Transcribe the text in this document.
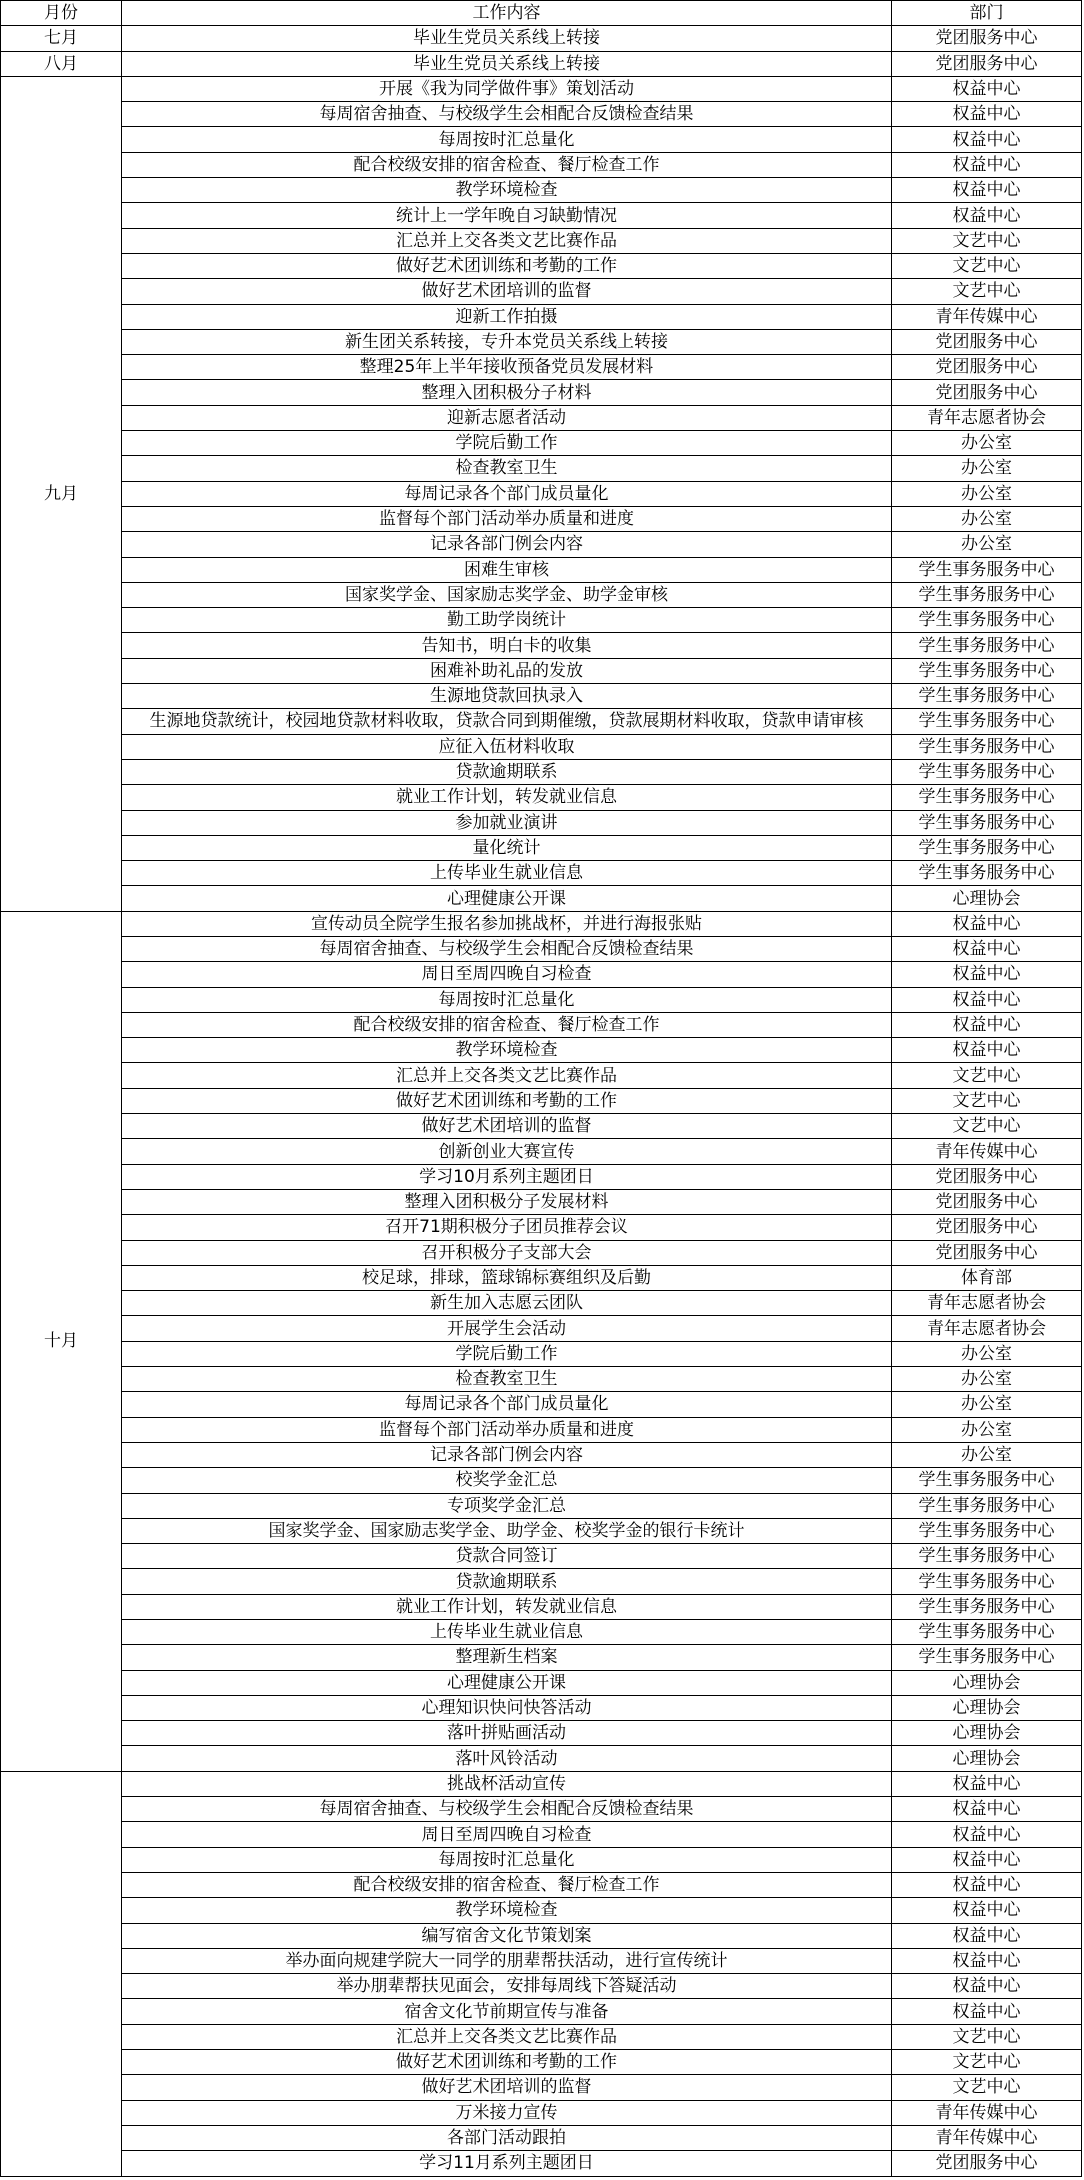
月份	工作内容	部门
七月	毕业生党员关系线上转接	党团服务中心
八月	毕业生党员关系线上转接	党团服务中心
九月	开展《我为同学做件事》策划活动	权益中心
	每周宿舍抽查、与校级学生会相配合反馈检查结果	权益中心
	每周按时汇总量化	权益中心
	配合校级安排的宿舍检查、餐厅检查工作	权益中心
	教学环境检查	权益中心
	统计上一学年晚自习缺勤情况	权益中心
	汇总并上交各类文艺比赛作品	文艺中心
	做好艺术团训练和考勤的工作	文艺中心
	做好艺术团培训的监督	文艺中心
	迎新工作拍摄	青年传媒中心
	新生团关系转接，专升本党员关系线上转接	党团服务中心
	整理25年上半年接收预备党员发展材料	党团服务中心
	整理入团积极分子材料	党团服务中心
	迎新志愿者活动	青年志愿者协会
	学院后勤工作	办公室
	检查教室卫生	办公室
	每周记录各个部门成员量化	办公室
	监督每个部门活动举办质量和进度	办公室
	记录各部门例会内容	办公室
	困难生审核	学生事务服务中心
	国家奖学金、国家励志奖学金、助学金审核	学生事务服务中心
	勤工助学岗统计	学生事务服务中心
	告知书，明白卡的收集	学生事务服务中心
	困难补助礼品的发放	学生事务服务中心
	生源地贷款回执录入	学生事务服务中心
	生源地贷款统计，校园地贷款材料收取，贷款合同到期催缴，贷款展期材料收取，贷款申请审核	学生事务服务中心
	应征入伍材料收取	学生事务服务中心
	贷款逾期联系	学生事务服务中心
	就业工作计划，转发就业信息	学生事务服务中心
	参加就业演讲	学生事务服务中心
	量化统计	学生事务服务中心
	上传毕业生就业信息	学生事务服务中心
	心理健康公开课	心理协会
十月	宣传动员全院学生报名参加挑战杯，并进行海报张贴	权益中心
	每周宿舍抽查、与校级学生会相配合反馈检查结果	权益中心
	周日至周四晚自习检查	权益中心
	每周按时汇总量化	权益中心
	配合校级安排的宿舍检查、餐厅检查工作	权益中心
	教学环境检查	权益中心
	汇总并上交各类文艺比赛作品	文艺中心
	做好艺术团训练和考勤的工作	文艺中心
	做好艺术团培训的监督	文艺中心
	创新创业大赛宣传	青年传媒中心
	学习10月系列主题团日	党团服务中心
	整理入团积极分子发展材料	党团服务中心
	召开71期积极分子团员推荐会议	党团服务中心
	召开积极分子支部大会	党团服务中心
	校足球，排球，篮球锦标赛组织及后勤	体育部
	新生加入志愿云团队	青年志愿者协会
	开展学生会活动	青年志愿者协会
	学院后勤工作	办公室
	检查教室卫生	办公室
	每周记录各个部门成员量化	办公室
	监督每个部门活动举办质量和进度	办公室
	记录各部门例会内容	办公室
	校奖学金汇总	学生事务服务中心
	专项奖学金汇总	学生事务服务中心
	国家奖学金、国家励志奖学金、助学金、校奖学金的银行卡统计	学生事务服务中心
	贷款合同签订	学生事务服务中心
	贷款逾期联系	学生事务服务中心
	就业工作计划，转发就业信息	学生事务服务中心
	上传毕业生就业信息	学生事务服务中心
	整理新生档案	学生事务服务中心
	心理健康公开课	心理协会
	心理知识快问快答活动	心理协会
	落叶拼贴画活动	心理协会
	落叶风铃活动	心理协会
	挑战杯活动宣传	权益中心
	每周宿舍抽查、与校级学生会相配合反馈检查结果	权益中心
	周日至周四晚自习检查	权益中心
	每周按时汇总量化	权益中心
	配合校级安排的宿舍检查、餐厅检查工作	权益中心
	教学环境检查	权益中心
	编写宿舍文化节策划案	权益中心
	举办面向规建学院大一同学的朋辈帮扶活动，进行宣传统计	权益中心
	举办朋辈帮扶见面会，安排每周线下答疑活动	权益中心
	宿舍文化节前期宣传与准备	权益中心
	汇总并上交各类文艺比赛作品	文艺中心
	做好艺术团训练和考勤的工作	文艺中心
	做好艺术团培训的监督	文艺中心
	万米接力宣传	青年传媒中心
	各部门活动跟拍	青年传媒中心
	学习11月系列主题团日	党团服务中心
